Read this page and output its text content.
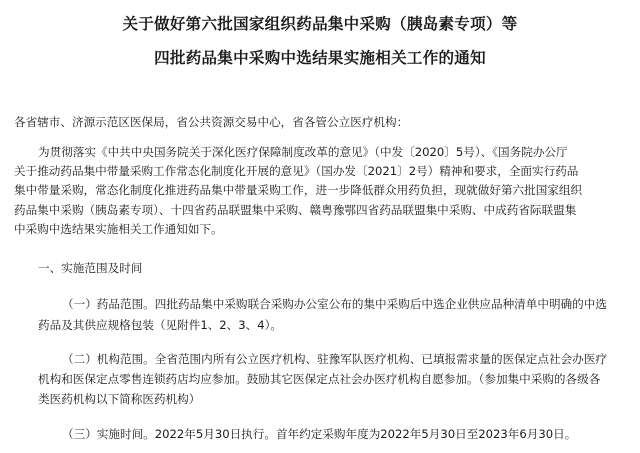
关于做好第六批国家组织药品集中采购（胰岛素专项）等
四批药品集中采购中选结果实施相关工作的通知
各省辖市、济源示范区医保局，省公共资源交易中心，省各管公立医疗机构：
为贯彻落实《中共中央国务院关于深化医疗保障制度改革的意见》（中发〔2020〕5号）、《国务院办公厅
关于推动药品集中带量采购工作常态化制度化开展的意见》（国办发〔2021〕2号）精神和要求，全面实行药品
集中带量采购，常态化制度化推进药品集中带量采购工作，进一步降低群众用药负担，现就做好第六批国家组织
药品集中采购（胰岛素专项）、十四省药品联盟集中采购、赣粤豫鄂四省药品联盟集中采购、中成药省际联盟集
中采购中选结果实施相关工作通知如下。
一、实施范围及时间
（一）药品范围。四批药品集中采购联合采购办公室公布的集中采购后中选企业供应品种清单中明确的中选
药品及其供应规格包装（见附件1、2、3、4）。
（二）机构范围。全省范围内所有公立医疗机构、驻豫军队医疗机构、已填报需求量的医保定点社会办医疗
机构和医保定点零售连锁药店均应参加。鼓励其它医保定点社会办医疗机构自愿参加。（参加集中采购的各级各
类医药机构以下简称医药机构）
（三）实施时间。2022年5月30日执行。首年约定采购年度为2022年5月30日至2023年6月30日。
